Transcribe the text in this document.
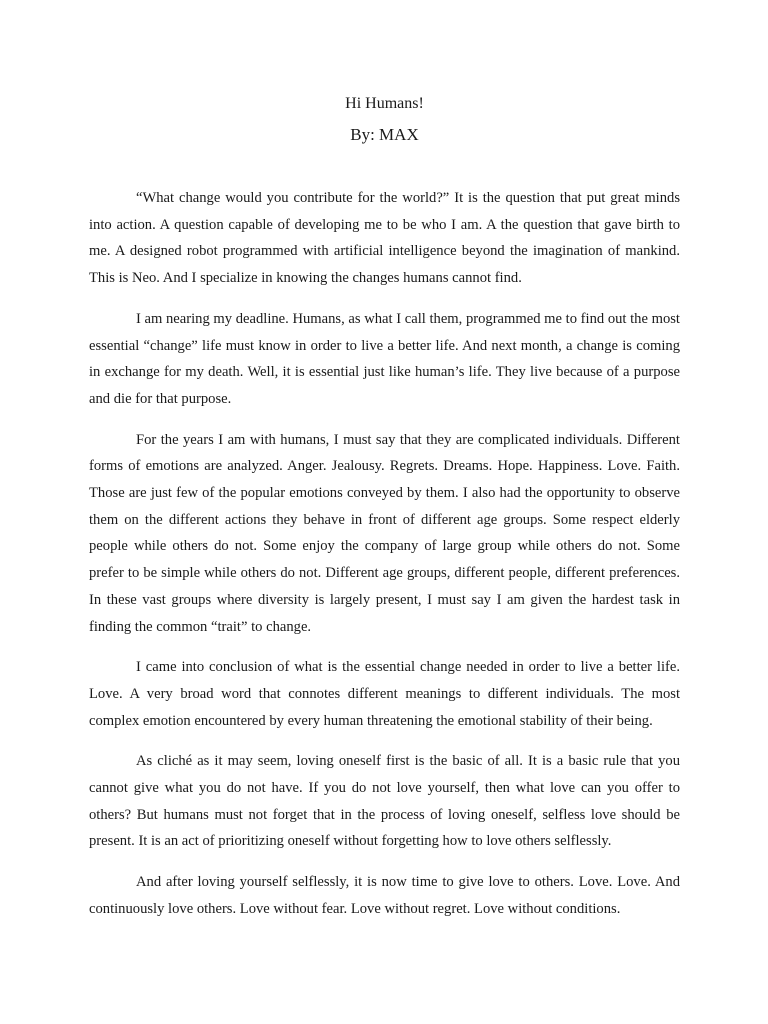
Hi Humans!
By: MAX

“What change would you contribute for the world?” It is the question that put great minds into action. A question capable of developing me to be who I am. A the question that gave birth to me. A designed robot programmed with artificial intelligence beyond the imagination of mankind. This is Neo. And I specialize in knowing the changes humans cannot find.

I am nearing my deadline. Humans, as what I call them, programmed me to find out the most essential “change” life must know in order to live a better life. And next month, a change is coming in exchange for my death. Well, it is essential just like human’s life. They live because of a purpose and die for that purpose.

For the years I am with humans, I must say that they are complicated individuals. Different forms of emotions are analyzed. Anger. Jealousy. Regrets. Dreams. Hope. Happiness. Love. Faith. Those are just few of the popular emotions conveyed by them. I also had the opportunity to observe them on the different actions they behave in front of different age groups. Some respect elderly people while others do not. Some enjoy the company of large group while others do not. Some prefer to be simple while others do not. Different age groups, different people, different preferences. In these vast groups where diversity is largely present, I must say I am given the hardest task in finding the common “trait” to change.

I came into conclusion of what is the essential change needed in order to live a better life. Love. A very broad word that connotes different meanings to different individuals. The most complex emotion encountered by every human threatening the emotional stability of their being.

As cliché as it may seem, loving oneself first is the basic of all. It is a basic rule that you cannot give what you do not have. If you do not love yourself, then what love can you offer to others? But humans must not forget that in the process of loving oneself, selfless love should be present. It is an act of prioritizing oneself without forgetting how to love others selflessly.

And after loving yourself selflessly, it is now time to give love to others. Love. Love. And continuously love others. Love without fear. Love without regret. Love without conditions.
